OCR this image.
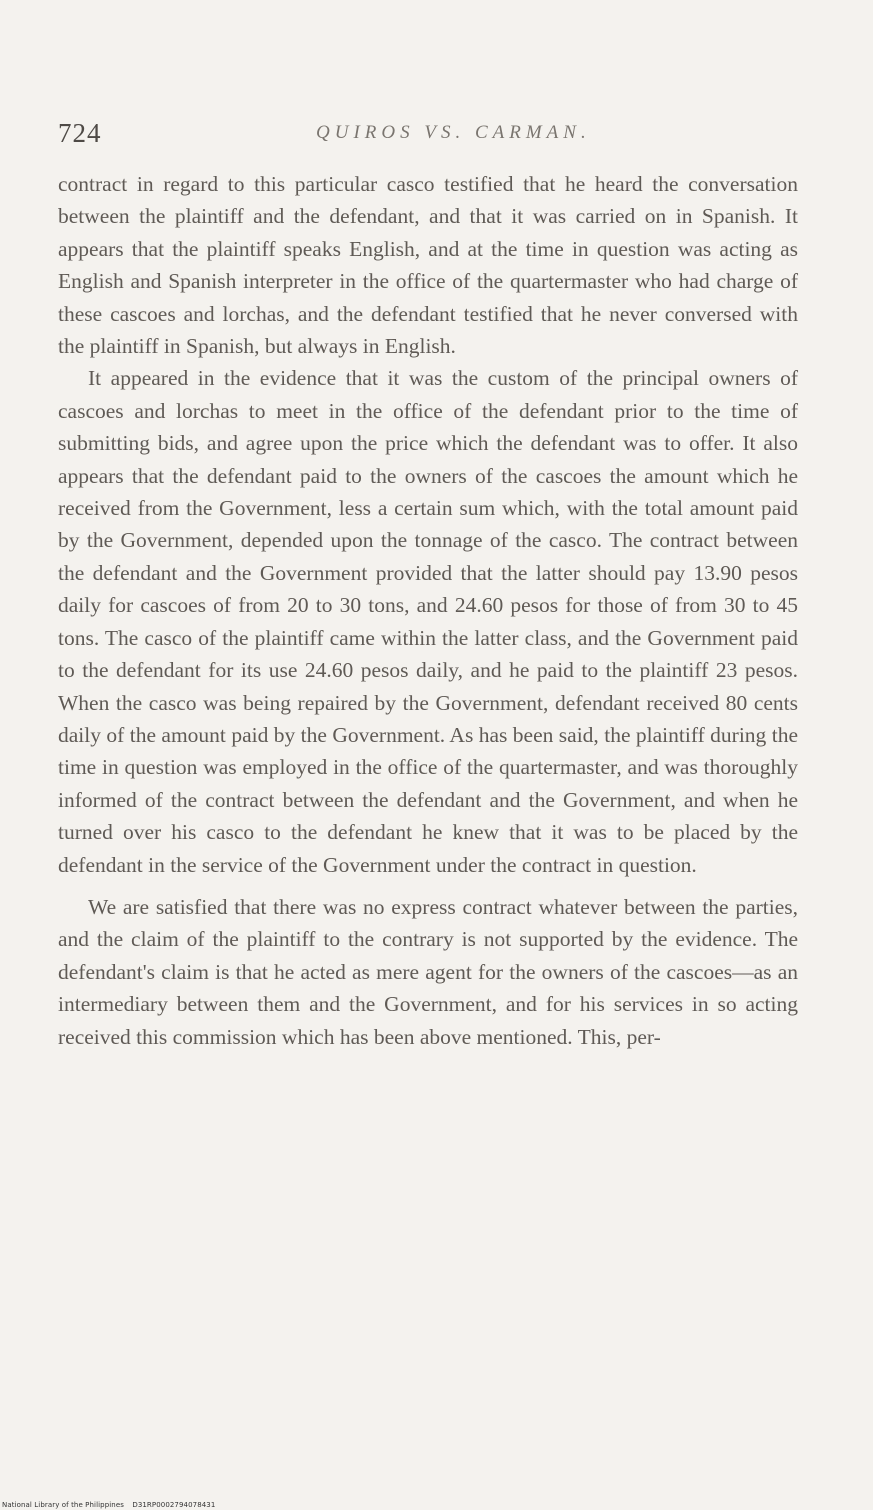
724	QUIROS VS. CARMAN.

contract in regard to this particular casco testified that he heard the conversation between the plaintiff and the defendant, and that it was carried on in Spanish. It appears that the plaintiff speaks English, and at the time in question was acting as English and Spanish interpreter in the office of the quartermaster who had charge of these cascoes and lorchas, and the defendant testified that he never conversed with the plaintiff in Spanish, but always in English.

It appeared in the evidence that it was the custom of the principal owners of cascoes and lorchas to meet in the office of the defendant prior to the time of submitting bids, and agree upon the price which the defendant was to offer. It also appears that the defendant paid to the owners of the cascoes the amount which he received from the Government, less a certain sum which, with the total amount paid by the Government, depended upon the tonnage of the casco. The contract between the defendant and the Government provided that the latter should pay 13.90 pesos daily for cascoes of from 20 to 30 tons, and 24.60 pesos for those of from 30 to 45 tons. The casco of the plaintiff came within the latter class, and the Government paid to the defendant for its use 24.60 pesos daily, and he paid to the plaintiff 23 pesos. When the casco was being repaired by the Government, defendant received 80 cents daily of the amount paid by the Government. As has been said, the plaintiff during the time in question was employed in the office of the quartermaster, and was thoroughly informed of the contract between the defendant and the Government, and when he turned over his casco to the defendant he knew that it was to be placed by the defendant in the service of the Government under the contract in question.

We are satisfied that there was no express contract whatever between the parties, and the claim of the plaintiff to the contrary is not supported by the evidence. The defendant's claim is that he acted as mere agent for the owners of the cascoes—as an intermediary between them and the Government, and for his services in so acting received this commission which has been above mentioned. This, per-

National Library of the Philippines D31RP0002794078431
